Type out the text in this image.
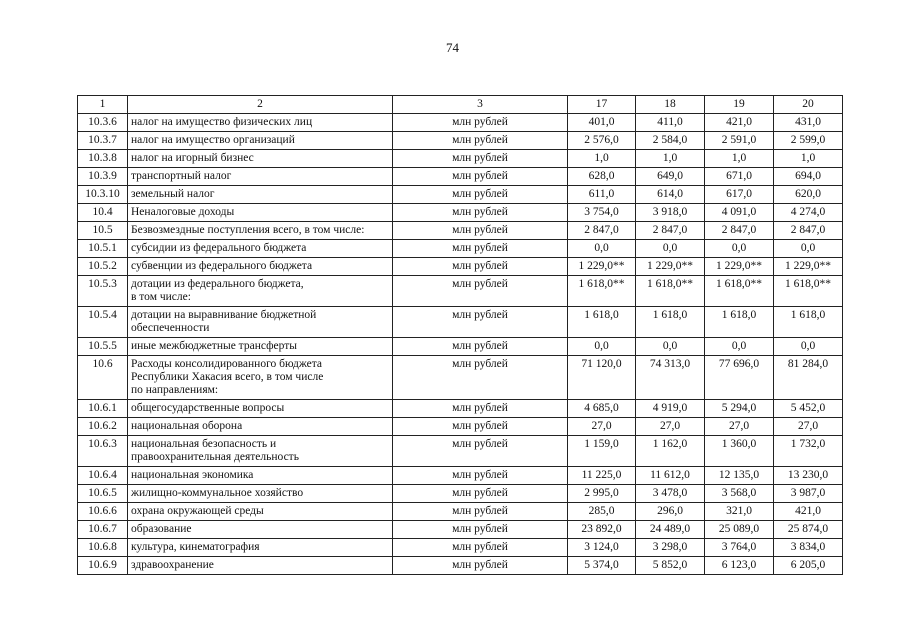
74
1	2	3	17	18	19	20
10.3.6	налог на имущество физических лиц	млн рублей	401,0	411,0	421,0	431,0
10.3.7	налог на имущество организаций	млн рублей	2 576,0	2 584,0	2 591,0	2 599,0
10.3.8	налог на игорный бизнес	млн рублей	1,0	1,0	1,0	1,0
10.3.9	транспортный налог	млн рублей	628,0	649,0	671,0	694,0
10.3.10	земельный налог	млн рублей	611,0	614,0	617,0	620,0
10.4	Неналоговые доходы	млн рублей	3 754,0	3 918,0	4 091,0	4 274,0
10.5	Безвозмездные поступления всего, в том числе:	млн рублей	2 847,0	2 847,0	2 847,0	2 847,0
10.5.1	субсидии из федерального бюджета	млн рублей	0,0	0,0	0,0	0,0
10.5.2	субвенции из федерального бюджета	млн рублей	1 229,0**	1 229,0**	1 229,0**	1 229,0**
10.5.3	дотации из федерального бюджета,
в том числе:	млн рублей	1 618,0**	1 618,0**	1 618,0**	1 618,0**
10.5.4	дотации на выравнивание бюджетной
обеспеченности	млн рублей	1 618,0	1 618,0	1 618,0	1 618,0
10.5.5	иные межбюджетные трансферты	млн рублей	0,0	0,0	0,0	0,0
10.6	Расходы консолидированного бюджета
Республики Хакасия всего, в том числе
по направлениям:	млн рублей	71 120,0	74 313,0	77 696,0	81 284,0
10.6.1	общегосударственные вопросы	млн рублей	4 685,0	4 919,0	5 294,0	5 452,0
10.6.2	национальная оборона	млн рублей	27,0	27,0	27,0	27,0
10.6.3	национальная безопасность и
правоохранительная деятельность	млн рублей	1 159,0	1 162,0	1 360,0	1 732,0
10.6.4	национальная экономика	млн рублей	11 225,0	11 612,0	12 135,0	13 230,0
10.6.5	жилищно-коммунальное хозяйство	млн рублей	2 995,0	3 478,0	3 568,0	3 987,0
10.6.6	охрана окружающей среды	млн рублей	285,0	296,0	321,0	421,0
10.6.7	образование	млн рублей	23 892,0	24 489,0	25 089,0	25 874,0
10.6.8	культура, кинематография	млн рублей	3 124,0	3 298,0	3 764,0	3 834,0
10.6.9	здравоохранение	млн рублей	5 374,0	5 852,0	6 123,0	6 205,0
